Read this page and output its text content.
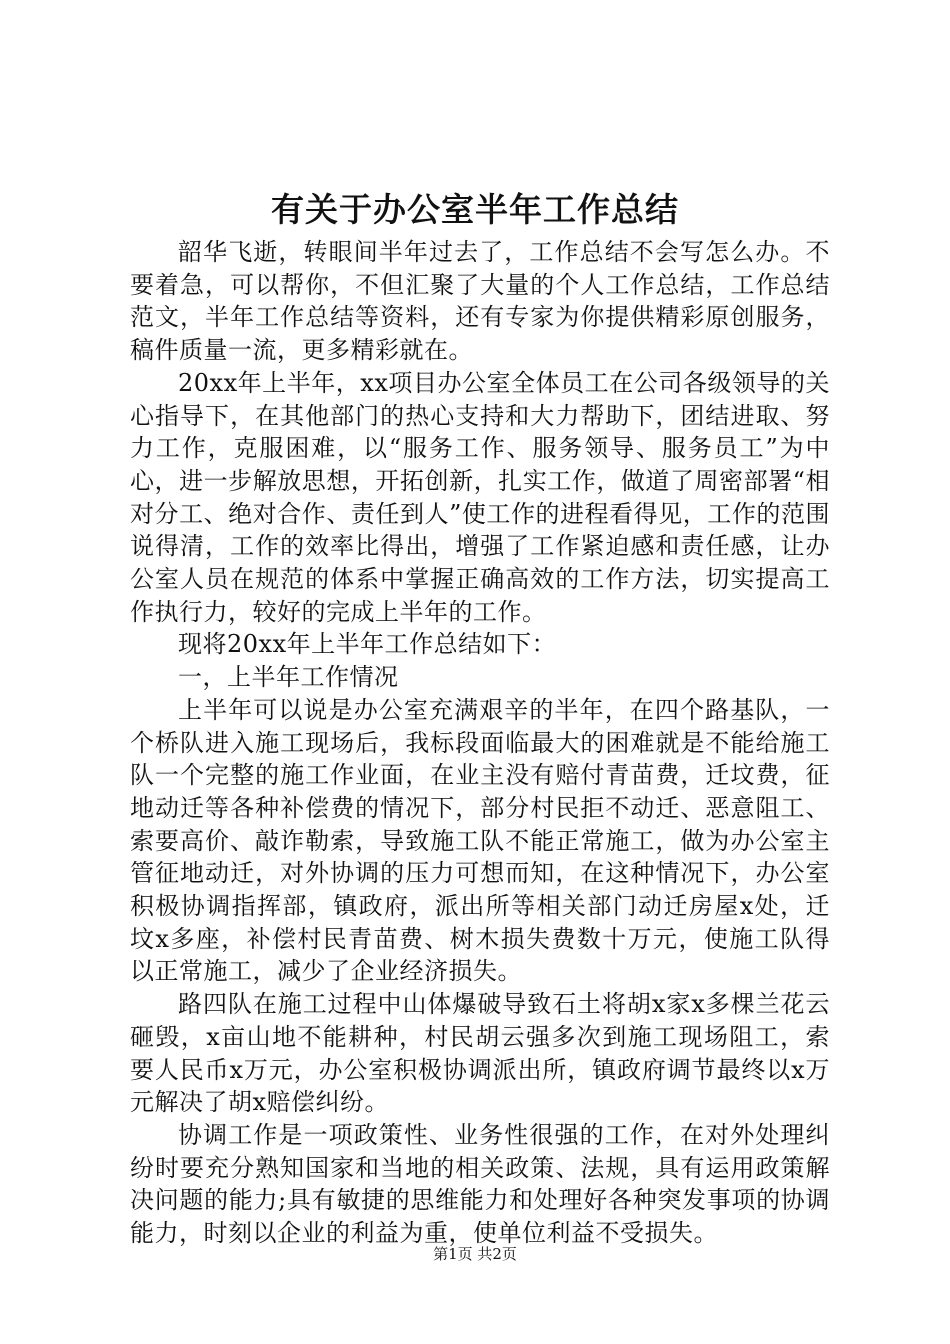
有关于办公室半年工作总结

韶华飞逝，转眼间半年过去了，工作总结不会写怎么办。不要着急，可以帮你，不但汇聚了大量的个人工作总结，工作总结范文，半年工作总结等资料，还有专家为你提供精彩原创服务，稿件质量一流，更多精彩就在。

20xx年上半年，xx项目办公室全体员工在公司各级领导的关心指导下，在其他部门的热心支持和大力帮助下，团结进取、努力工作，克服困难，以“服务工作、服务领导、服务员工”为中心，进一步解放思想，开拓创新，扎实工作，做道了周密部署“相对分工、绝对合作、责任到人”使工作的进程看得见，工作的范围说得清，工作的效率比得出，增强了工作紧迫感和责任感，让办公室人员在规范的体系中掌握正确高效的工作方法，切实提高工作执行力，较好的完成上半年的工作。

现将20xx年上半年工作总结如下：

一，上半年工作情况

上半年可以说是办公室充满艰辛的半年，在四个路基队，一个桥队进入施工现场后，我标段面临最大的困难就是不能给施工队一个完整的施工作业面，在业主没有赔付青苗费，迁坟费，征地动迁等各种补偿费的情况下，部分村民拒不动迁、恶意阻工、索要高价、敲诈勒索，导致施工队不能正常施工，做为办公室主管征地动迁，对外协调的压力可想而知，在这种情况下，办公室积极协调指挥部，镇政府，派出所等相关部门动迁房屋x处，迁坟x多座，补偿村民青苗费、树木损失费数十万元，使施工队得以正常施工，减少了企业经济损失。

路四队在施工过程中山体爆破导致石土将胡x家x多棵兰花云砸毁，x亩山地不能耕种，村民胡云强多次到施工现场阻工，索要人民币x万元，办公室积极协调派出所，镇政府调节最终以x万元解决了胡x赔偿纠纷。

协调工作是一项政策性、业务性很强的工作，在对外处理纠纷时要充分熟知国家和当地的相关政策、法规，具有运用政策解决问题的能力;具有敏捷的思维能力和处理好各种突发事项的协调能力，时刻以企业的利益为重，使单位利益不受损失。

第1页 共2页
